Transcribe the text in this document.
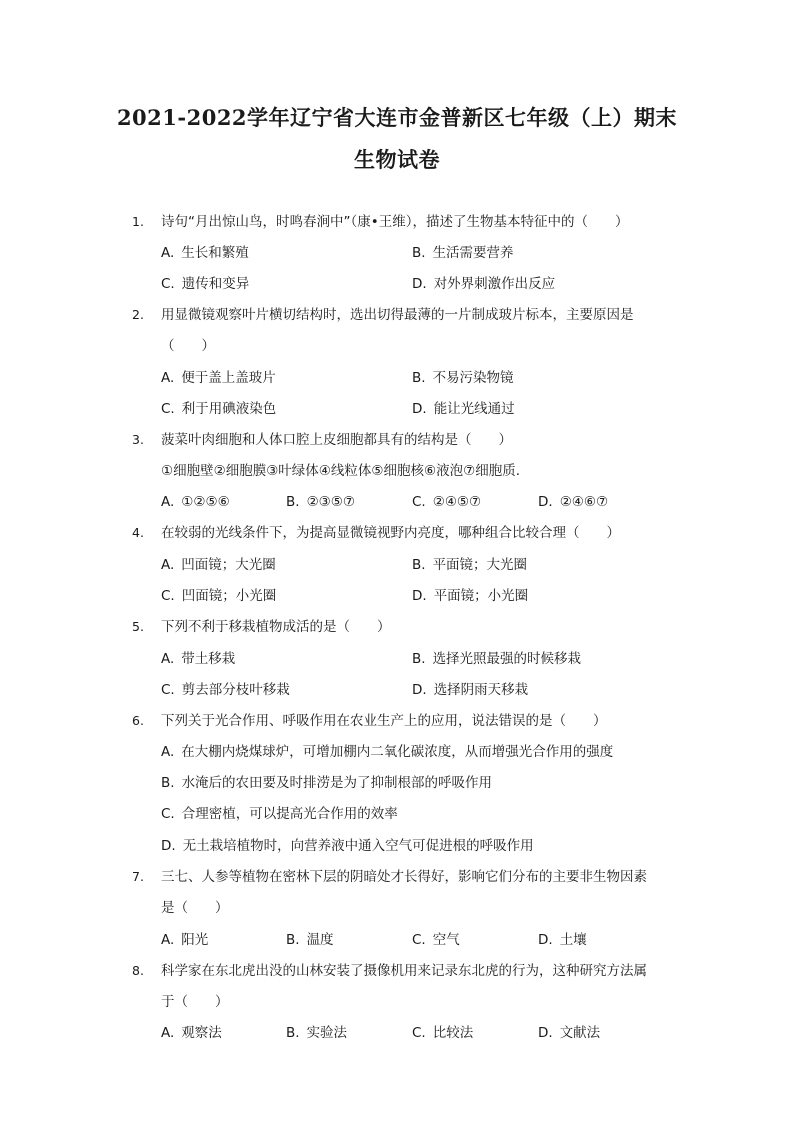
2021-2022学年辽宁省大连市金普新区七年级（上）期末
生物试卷
1.	诗句“月出惊山鸟，时鸣春涧中”（康•王维），描述了生物基本特征中的（　　）
A. 生长和繁殖	B. 生活需要营养
C. 遗传和变异	D. 对外界刺激作出反应
2.	用显微镜观察叶片横切结构时，选出切得最薄的一片制成玻片标本，主要原因是
（　　）
A. 便于盖上盖玻片	B. 不易污染物镜
C. 利于用碘液染色	D. 能让光线通过
3.	菠菜叶肉细胞和人体口腔上皮细胞都具有的结构是（　　）
①细胞壁②细胞膜③叶绿体④线粒体⑤细胞核⑥液泡⑦细胞质.
A. ①②⑤⑥	B. ②③⑤⑦	C. ②④⑤⑦	D. ②④⑥⑦
4.	在较弱的光线条件下，为提高显微镜视野内亮度，哪种组合比较合理（　　）
A. 凹面镜；大光圈	B. 平面镜；大光圈
C. 凹面镜；小光圈	D. 平面镜；小光圈
5.	下列不利于移栽植物成活的是（　　）
A. 带土移栽	B. 选择光照最强的时候移栽
C. 剪去部分枝叶移栽	D. 选择阴雨天移栽
6.	下列关于光合作用、呼吸作用在农业生产上的应用，说法错误的是（　　）
A. 在大棚内烧煤球炉，可增加棚内二氧化碳浓度，从而增强光合作用的强度
B. 水淹后的农田要及时排涝是为了抑制根部的呼吸作用
C. 合理密植，可以提高光合作用的效率
D. 无土栽培植物时，向营养液中通入空气可促进根的呼吸作用
7.	三七、人参等植物在密林下层的阴暗处才长得好，影响它们分布的主要非生物因素
是（　　）
A. 阳光	B. 温度	C. 空气	D. 土壤
8.	科学家在东北虎出没的山林安装了摄像机用来记录东北虎的行为，这种研究方法属
于（　　）
A. 观察法	B. 实验法	C. 比较法	D. 文献法
